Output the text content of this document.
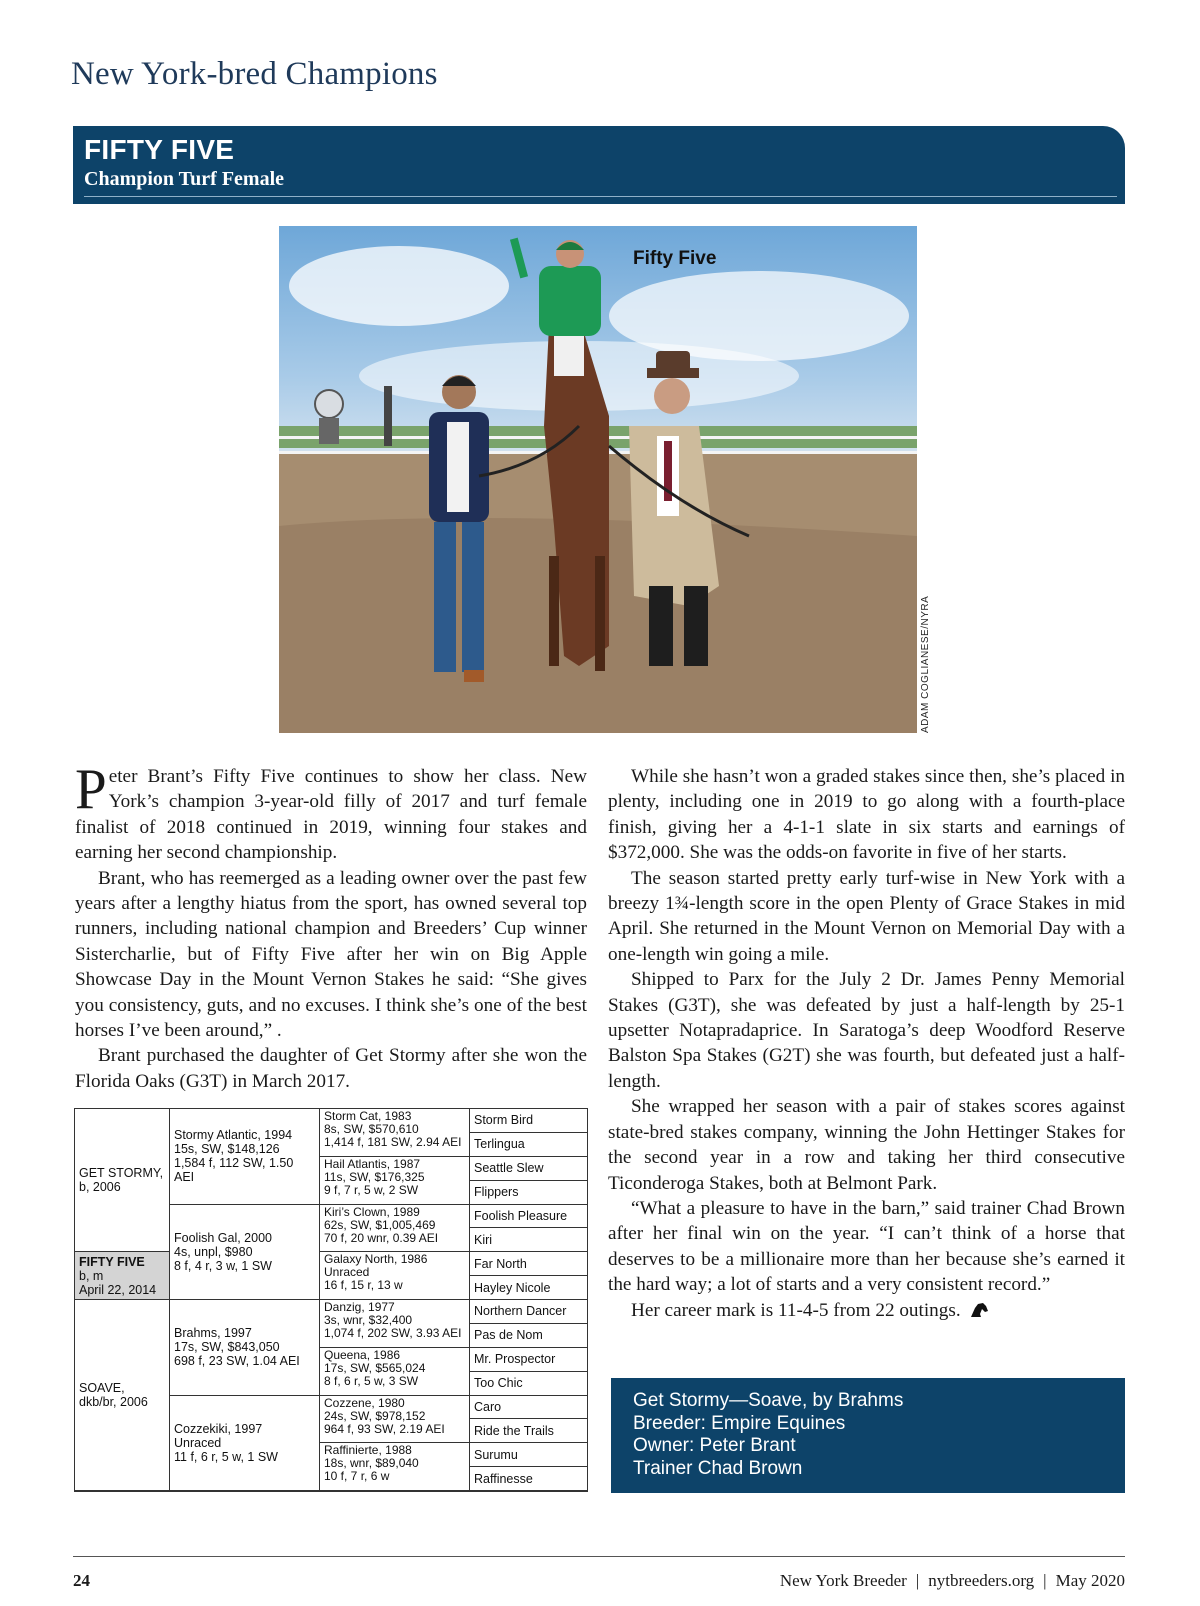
New York-bred Champions
FIFTY FIVE
Champion Turf Female
Fifty Five
ADAM COGLIANESE/NYRA

Peter Brant’s Fifty Five continues to show her class. New York’s champion 3-year-old filly of 2017 and turf female finalist of 2018 continued in 2019, winning four stakes and earning her second championship.

Brant, who has reemerged as a leading owner over the past few years after a lengthy hiatus from the sport, has owned several top runners, including national champion and Breeders’ Cup winner Sistercharlie, but of Fifty Five after her win on Big Apple Showcase Day in the Mount Vernon Stakes he said: “She gives you consistency, guts, and no excuses. I think she’s one of the best horses I’ve been around,” .

Brant purchased the daughter of Get Stormy after she won the Florida Oaks (G3T) in March 2017.

While she hasn’t won a graded stakes since then, she’s placed in plenty, including one in 2019 to go along with a fourth-place finish, giving her a 4-1-1 slate in six starts and earnings of $372,000. She was the odds-on favorite in five of her starts.

The season started pretty early turf-wise in New York with a breezy 1¾-length score in the open Plenty of Grace Stakes in mid April. She returned in the Mount Vernon on Memorial Day with a one-length win going a mile.

Shipped to Parx for the July 2 Dr. James Penny Memorial Stakes (G3T), she was defeated by just a half-length by 25-1 upsetter Notapradaprice. In Saratoga’s deep Woodford Reserve Balston Spa Stakes (G2T) she was fourth, but defeated just a half-length.

She wrapped her season with a pair of stakes scores against state-bred stakes company, winning the John Hettinger Stakes for the second year in a row and taking her third consecutive Ticonderoga Stakes, both at Belmont Park.

“What a pleasure to have in the barn,” said trainer Chad Brown after her final win on the year. “I can’t think of a horse that deserves to be a millionaire more than her because she’s earned it the hard way; a lot of starts and a very consistent record.”

Her career mark is 11-4-5 from 22 outings.

GET STORMY,
b, 2006
FIFTY FIVE
b, m
April 22, 2014
SOAVE,
dkb/br, 2006
Stormy Atlantic, 1994
15s, SW, $148,126
1,584 f, 112 SW, 1.50 AEI
Foolish Gal, 2000
4s, unpl, $980
8 f, 4 r, 3 w, 1 SW
Brahms, 1997
17s, SW, $843,050
698 f, 23 SW, 1.04 AEI
Cozzekiki, 1997
Unraced
11 f, 6 r, 5 w, 1 SW
Storm Cat, 1983
8s, SW, $570,610
1,414 f, 181 SW, 2.94 AEI
Hail Atlantis, 1987
11s, SW, $176,325
9 f, 7 r, 5 w, 2 SW
Kiri’s Clown, 1989
62s, SW, $1,005,469
70 f, 20 wnr, 0.39 AEI
Galaxy North, 1986
Unraced
16 f, 15 r, 13 w
Danzig, 1977
3s, wnr, $32,400
1,074 f, 202 SW, 3.93 AEI
Queena, 1986
17s, SW, $565,024
8 f, 6 r, 5 w, 3 SW
Cozzene, 1980
24s, SW, $978,152
964 f, 93 SW, 2.19 AEI
Raffinierte, 1988
18s, wnr, $89,040
10 f, 7 r, 6 w
Storm Bird
Terlingua
Seattle Slew
Flippers
Foolish Pleasure
Kiri
Far North
Hayley Nicole
Northern Dancer
Pas de Nom
Mr. Prospector
Too Chic
Caro
Ride the Trails
Surumu
Raffinesse
Get Stormy—Soave, by Brahms
Breeder: Empire Equines
Owner: Peter Brant
Trainer Chad Brown
24	New York Breeder | nytbreeders.org | May 2020
